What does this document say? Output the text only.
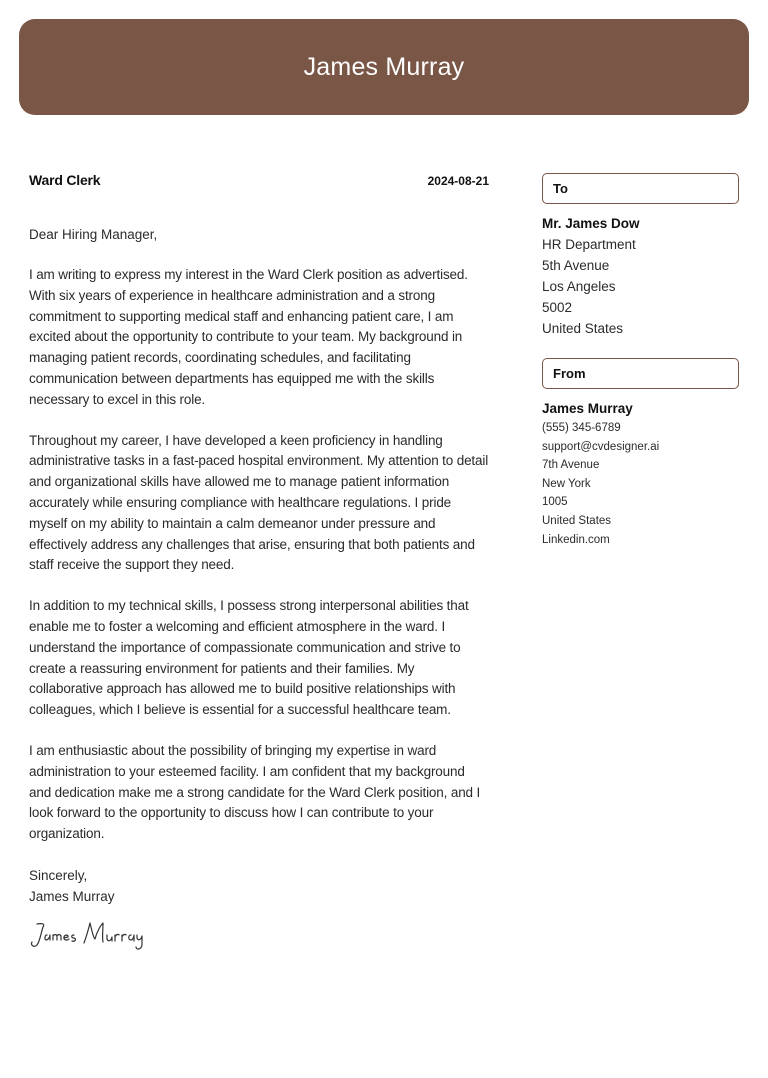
James Murray
Ward Clerk	2024-08-21
Dear Hiring Manager,
I am writing to express my interest in the Ward Clerk position as advertised. With six years of experience in healthcare administration and a strong commitment to supporting medical staff and enhancing patient care, I am excited about the opportunity to contribute to your team. My background in managing patient records, coordinating schedules, and facilitating communication between departments has equipped me with the skills necessary to excel in this role.
Throughout my career, I have developed a keen proficiency in handling administrative tasks in a fast-paced hospital environment. My attention to detail and organizational skills have allowed me to manage patient information accurately while ensuring compliance with healthcare regulations. I pride myself on my ability to maintain a calm demeanor under pressure and effectively address any challenges that arise, ensuring that both patients and staff receive the support they need.
In addition to my technical skills, I possess strong interpersonal abilities that enable me to foster a welcoming and efficient atmosphere in the ward. I understand the importance of compassionate communication and strive to create a reassuring environment for patients and their families. My collaborative approach has allowed me to build positive relationships with colleagues, which I believe is essential for a successful healthcare team.
I am enthusiastic about the possibility of bringing my expertise in ward administration to your esteemed facility. I am confident that my background and dedication make me a strong candidate for the Ward Clerk position, and I look forward to the opportunity to discuss how I can contribute to your organization.
Sincerely,
James Murray
To
Mr. James Dow
HR Department
5th Avenue
Los Angeles
5002
United States
From
James Murray
(555) 345-6789
support@cvdesigner.ai
7th Avenue
New York
1005
United States
Linkedin.com
